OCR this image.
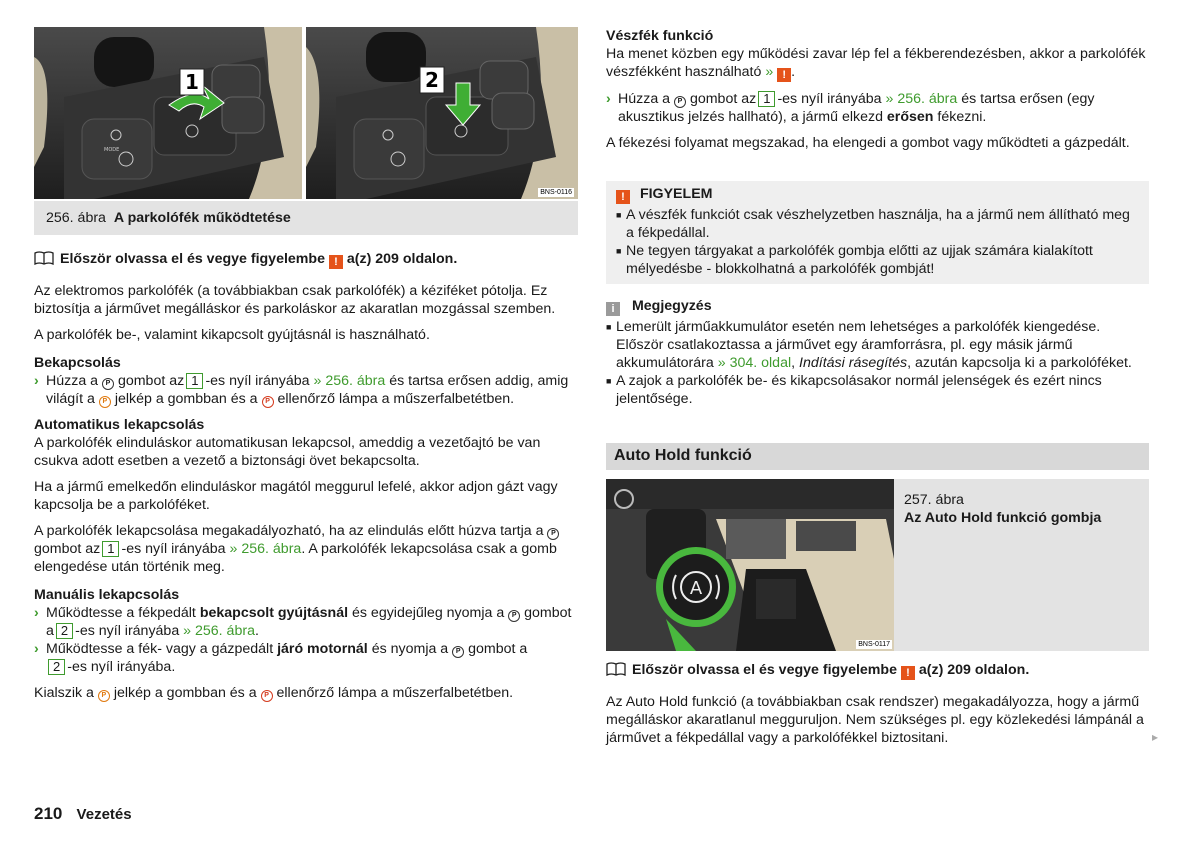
MODE
1	2
BNS-0116
256. ábra A parkolófék működtetése
Először olvassa el és vegye figyelembe ! a(z) 209 oldalon.

Az elektromos parkolófék (a továbbiakban csak parkolófék) a kéziféket pótolja. Ez biztosítja a járművet megálláskor és parkoláskor az akaratlan mozgással szemben.

A parkolófék be-, valamint kikapcsolt gyújtásnál is használható.

Bekapcsolás
› Húzza a P gombot az 1 -es nyíl irányába » 256. ábra és tartsa erősen addig, amig világít a P jelkép a gombban és a P ellenőrző lámpa a műszerfalbetétben.
Automatikus lekapcsolás

A parkolófék elinduláskor automatikusan lekapcsol, ameddig a vezetőajtó be van csukva adott esetben a vezető a biztonsági övet bekapcsolta.

Ha a jármű emelkedőn elinduláskor magától meggurul lefelé, akkor adjon gázt vagy kapcsolja be a parkolóféket.

A parkolófék lekapcsolása megakadályozható, ha az elindulás előtt húzva tartja a P gombot az 1 -es nyíl irányába » 256. ábra. A parkolófék lekapcsolása csak a gomb elengedése után történik meg.

Manuális lekapcsolás
› Működtesse a fékpedált bekapcsolt gyújtásnál és egyidejűleg nyomja a P gombot a 2 -es nyíl irányába » 256. ábra.
› Működtesse a fék- vagy a gázpedált járó motornál és nyomja a P gombot a
2 -es nyíl irányába.

Kialszik a P jelkép a gombban és a P ellenőrző lámpa a műszerfalbetétben.

210 Vezetés
Vészfék funkció

Ha menet közben egy működési zavar lép fel a fékberendezésben, akkor a parkolófék vészfékként használható » ! .

› Húzza a P gombot az 1 -es nyíl irányába » 256. ábra és tartsa erősen (egy akusztikus jelzés hallható), a jármű elkezd erősen fékezni.

A fékezési folyamat megszakad, ha elengedi a gombot vagy működteti a gázpedált.

! FIGYELEM
■ A vészfék funkciót csak vészhelyzetben használja, ha a jármű nem állítható meg a fékpedállal.
■ Ne tegyen tárgyakat a parkolófék gombja előtti az ujjak számára kialakított mélyedésbe - blokkolhatná a parkolófék gombját!
i Megjegyzés
■ Lemerült járműakkumulátor esetén nem lehetséges a parkolófék kiengedése. Először csatlakoztassa a járművet egy áramforrásra, pl. egy másik jármű akkumulátorára » 304. oldal, Indítási rásegítés, azután kapcsolja ki a parkolóféket.
■ A zajok a parkolófék be- és kikapcsolásakor normál jelenségek és ezért nincs jelentősége.
Auto Hold funkció
A
BNS-0117
257. ábra
Az Auto Hold funkció gombja
Először olvassa el és vegye figyelembe ! a(z) 209 oldalon.

Az Auto Hold funkció (a továbbiakban csak rendszer) megakadályozza, hogy a jármű megálláskor akaratlanul megguruljon. Nem szükséges pl. egy közlekedési lámpánál a járművet a fékpedállal vagy a parkolófékkel biztositani.	▸
